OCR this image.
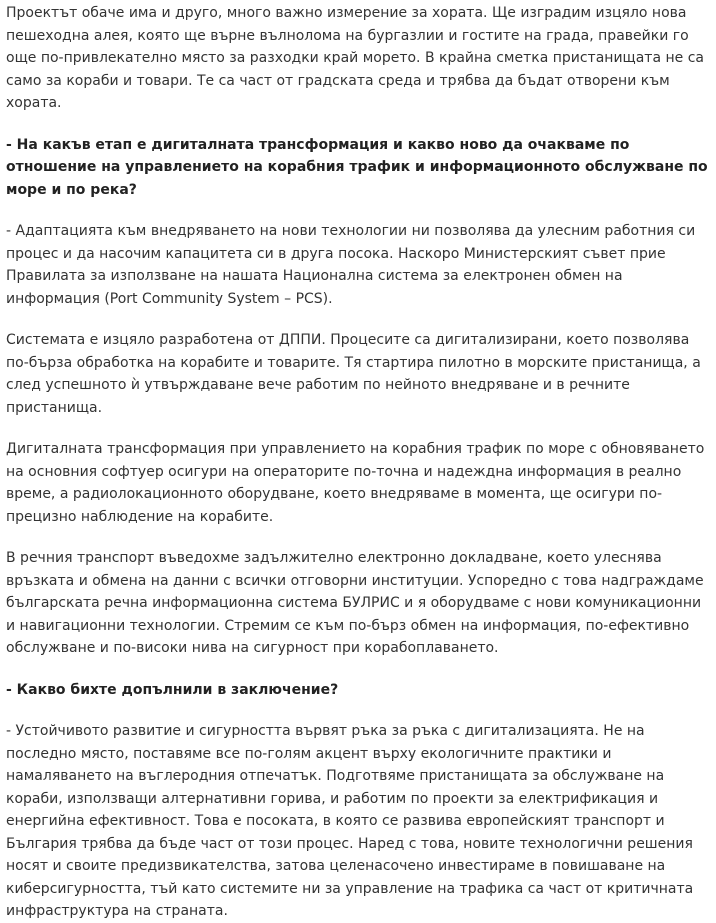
Проектът обаче има и друго, много важно измерение за хората. Ще изградим изцяло нова пешеходна алея, която ще върне вълнолома на бургазлии и гостите на града, правейки го още по-привлекателно място за разходки край морето. В крайна сметка пристанищата не са само за кораби и товари. Те са част от градската среда и трябва да бъдат отворени към хората.

- На какъв етап е дигиталната трансформация и какво ново да очакваме по отношение на управлението на корабния трафик и информационното обслужване по море и по река?

- Адаптацията към внедряването на нови технологии ни позволява да улесним работния си процес и да насочим капацитета си в друга посока. Наскоро Министерският съвет прие Правилата за използване на нашата Национална система за електронен обмен на информация (Port Community System – PCS).

Системата е изцяло разработена от ДППИ. Процесите са дигитализирани, което позволява по-бърза обработка на корабите и товарите. Тя стартира пилотно в морските пристанища, а след успешното ѝ утвърждаване вече работим по нейното внедряване и в речните пристанища.

Дигиталната трансформация при управлението на корабния трафик по море с обновяването на основния софтуер осигури на операторите по-точна и надеждна информация в реално време, а радиолокационното оборудване, което внедряваме в момента, ще осигури по-прецизно наблюдение на корабите.

В речния транспорт въведохме задължително електронно докладване, което улеснява връзката и обмена на данни с всички отговорни институции. Успоредно с това надграждаме българската речна информационна система БУЛРИС и я оборудваме с нови комуникационни и навигационни технологии. Стремим се към по-бърз обмен на информация, по-ефективно обслужване и по-високи нива на сигурност при корабоплаването.

- Какво бихте допълнили в заключение?

- Устойчивото развитие и сигурността вървят ръка за ръка с дигитализацията. Не на последно място, поставяме все по-голям акцент върху екологичните практики и намаляването на въглеродния отпечатък. Подготвяме пристанищата за обслужване на кораби, използващи алтернативни горива, и работим по проекти за електрификация и енергийна ефективност. Това е посоката, в която се развива европейският транспорт и България трябва да бъде част от този процес. Наред с това, новите технологични решения носят и своите предизвикателства, затова целенасочено инвестираме в повишаване на киберсигурността, тъй като системите ни за управление на трафика са част от критичната инфраструктура на страната.
